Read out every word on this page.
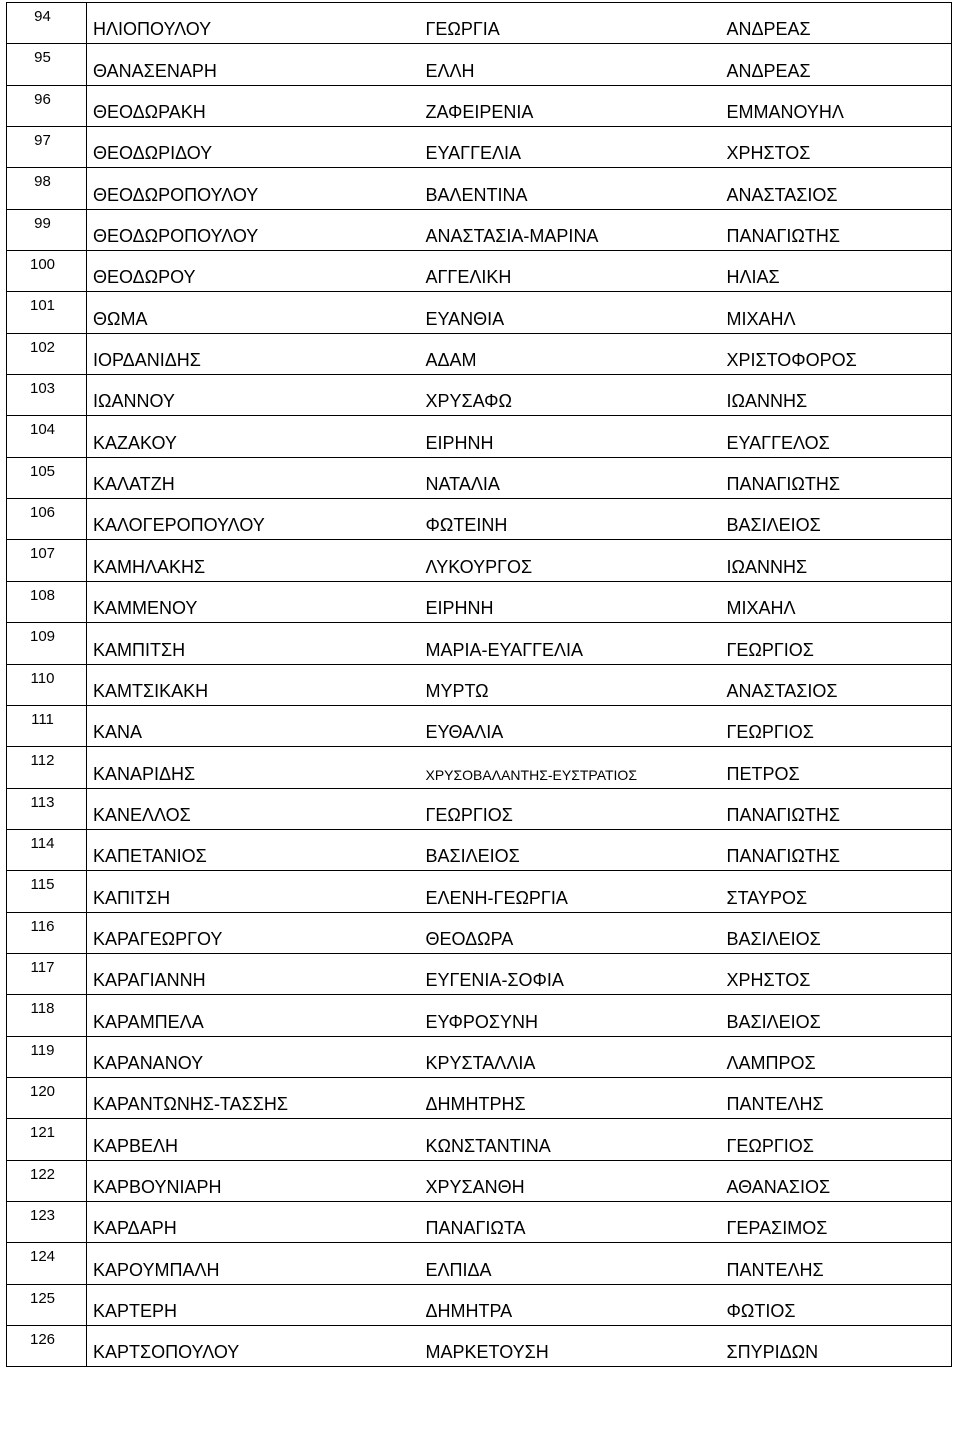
94	ΗΛΙΟΠΟΥΛΟΥ	ΓΕΩΡΓΙΑ	ΑΝΔΡΕΑΣ

95	ΘΑΝΑΣΕΝΑΡΗ	ΕΛΛΗ	ΑΝΔΡΕΑΣ

96	ΘΕΟΔΩΡΑΚΗ	ΖΑΦΕΙΡΕΝΙΑ	ΕΜΜΑΝΟΥΗΛ

97	ΘΕΟΔΩΡΙΔΟΥ	ΕΥΑΓΓΕΛΙΑ	ΧΡΗΣΤΟΣ

98	ΘΕΟΔΩΡΟΠΟΥΛΟΥ	ΒΑΛΕΝΤΙΝΑ	ΑΝΑΣΤΑΣΙΟΣ

99	ΘΕΟΔΩΡΟΠΟΥΛΟΥ	ΑΝΑΣΤΑΣΙΑ-ΜΑΡΙΝΑ	ΠΑΝΑΓΙΩΤΗΣ

100	ΘΕΟΔΩΡΟΥ	ΑΓΓΕΛΙΚΗ	ΗΛΙΑΣ

101	ΘΩΜΑ	ΕΥΑΝΘΙΑ	ΜΙΧΑΗΛ

102	ΙΟΡΔΑΝΙΔΗΣ	ΑΔΑΜ	ΧΡΙΣΤΟΦΟΡΟΣ

103	ΙΩΑΝΝΟΥ	ΧΡΥΣΑΦΩ	ΙΩΑΝΝΗΣ

104	ΚΑΖΑΚΟΥ	ΕΙΡΗΝΗ	ΕΥΑΓΓΕΛΟΣ

105	ΚΑΛΑΤΖΗ	ΝΑΤΑΛΙΑ	ΠΑΝΑΓΙΩΤΗΣ

106	ΚΑΛΟΓΕΡΟΠΟΥΛΟΥ	ΦΩΤΕΙΝΗ	ΒΑΣΙΛΕΙΟΣ

107	ΚΑΜΗΛΑΚΗΣ	ΛΥΚΟΥΡΓΟΣ	ΙΩΑΝΝΗΣ

108	ΚΑΜΜΕΝΟΥ	ΕΙΡΗΝΗ	ΜΙΧΑΗΛ

109	ΚΑΜΠΙΤΣΗ	ΜΑΡΙΑ-ΕΥΑΓΓΕΛΙΑ	ΓΕΩΡΓΙΟΣ

110	ΚΑΜΤΣΙΚΑΚΗ	ΜΥΡΤΩ	ΑΝΑΣΤΑΣΙΟΣ

111	ΚΑΝΑ	ΕΥΘΑΛΙΑ	ΓΕΩΡΓΙΟΣ

112	ΚΑΝΑΡΙΔΗΣ	ΧΡΥΣΟΒΑΛΑΝΤΗΣ-ΕΥΣΤΡΑΤΙΟΣ	ΠΕΤΡΟΣ

113	ΚΑΝΕΛΛΟΣ	ΓΕΩΡΓΙΟΣ	ΠΑΝΑΓΙΩΤΗΣ

114	ΚΑΠΕΤΑΝΙΟΣ	ΒΑΣΙΛΕΙΟΣ	ΠΑΝΑΓΙΩΤΗΣ

115	ΚΑΠΙΤΣΗ	ΕΛΕΝΗ-ΓΕΩΡΓΙΑ	ΣΤΑΥΡΟΣ

116	ΚΑΡΑΓΕΩΡΓΟΥ	ΘΕΟΔΩΡΑ	ΒΑΣΙΛΕΙΟΣ

117	ΚΑΡΑΓΙΑΝΝΗ	ΕΥΓΕΝΙΑ-ΣΟΦΙΑ	ΧΡΗΣΤΟΣ

118	ΚΑΡΑΜΠΕΛΑ	ΕΥΦΡΟΣΥΝΗ	ΒΑΣΙΛΕΙΟΣ

119	ΚΑΡΑΝΑΝΟΥ	ΚΡΥΣΤΑΛΛΙΑ	ΛΑΜΠΡΟΣ

120	ΚΑΡΑΝΤΩΝΗΣ-ΤΑΣΣΗΣ	ΔΗΜΗΤΡΗΣ	ΠΑΝΤΕΛΗΣ

121	ΚΑΡΒΕΛΗ	ΚΩΝΣΤΑΝΤΙΝΑ	ΓΕΩΡΓΙΟΣ

122	ΚΑΡΒΟΥΝΙΑΡΗ	ΧΡΥΣΑΝΘΗ	ΑΘΑΝΑΣΙΟΣ

123	ΚΑΡΔΑΡΗ	ΠΑΝΑΓΙΩΤΑ	ΓΕΡΑΣΙΜΟΣ

124	ΚΑΡΟΥΜΠΑΛΗ	ΕΛΠΙΔΑ	ΠΑΝΤΕΛΗΣ

125	ΚΑΡΤΕΡΗ	ΔΗΜΗΤΡΑ	ΦΩΤΙΟΣ

126	ΚΑΡΤΣΟΠΟΥΛΟΥ	ΜΑΡΚΕΤΟΥΣΗ	ΣΠΥΡΙΔΩΝ
